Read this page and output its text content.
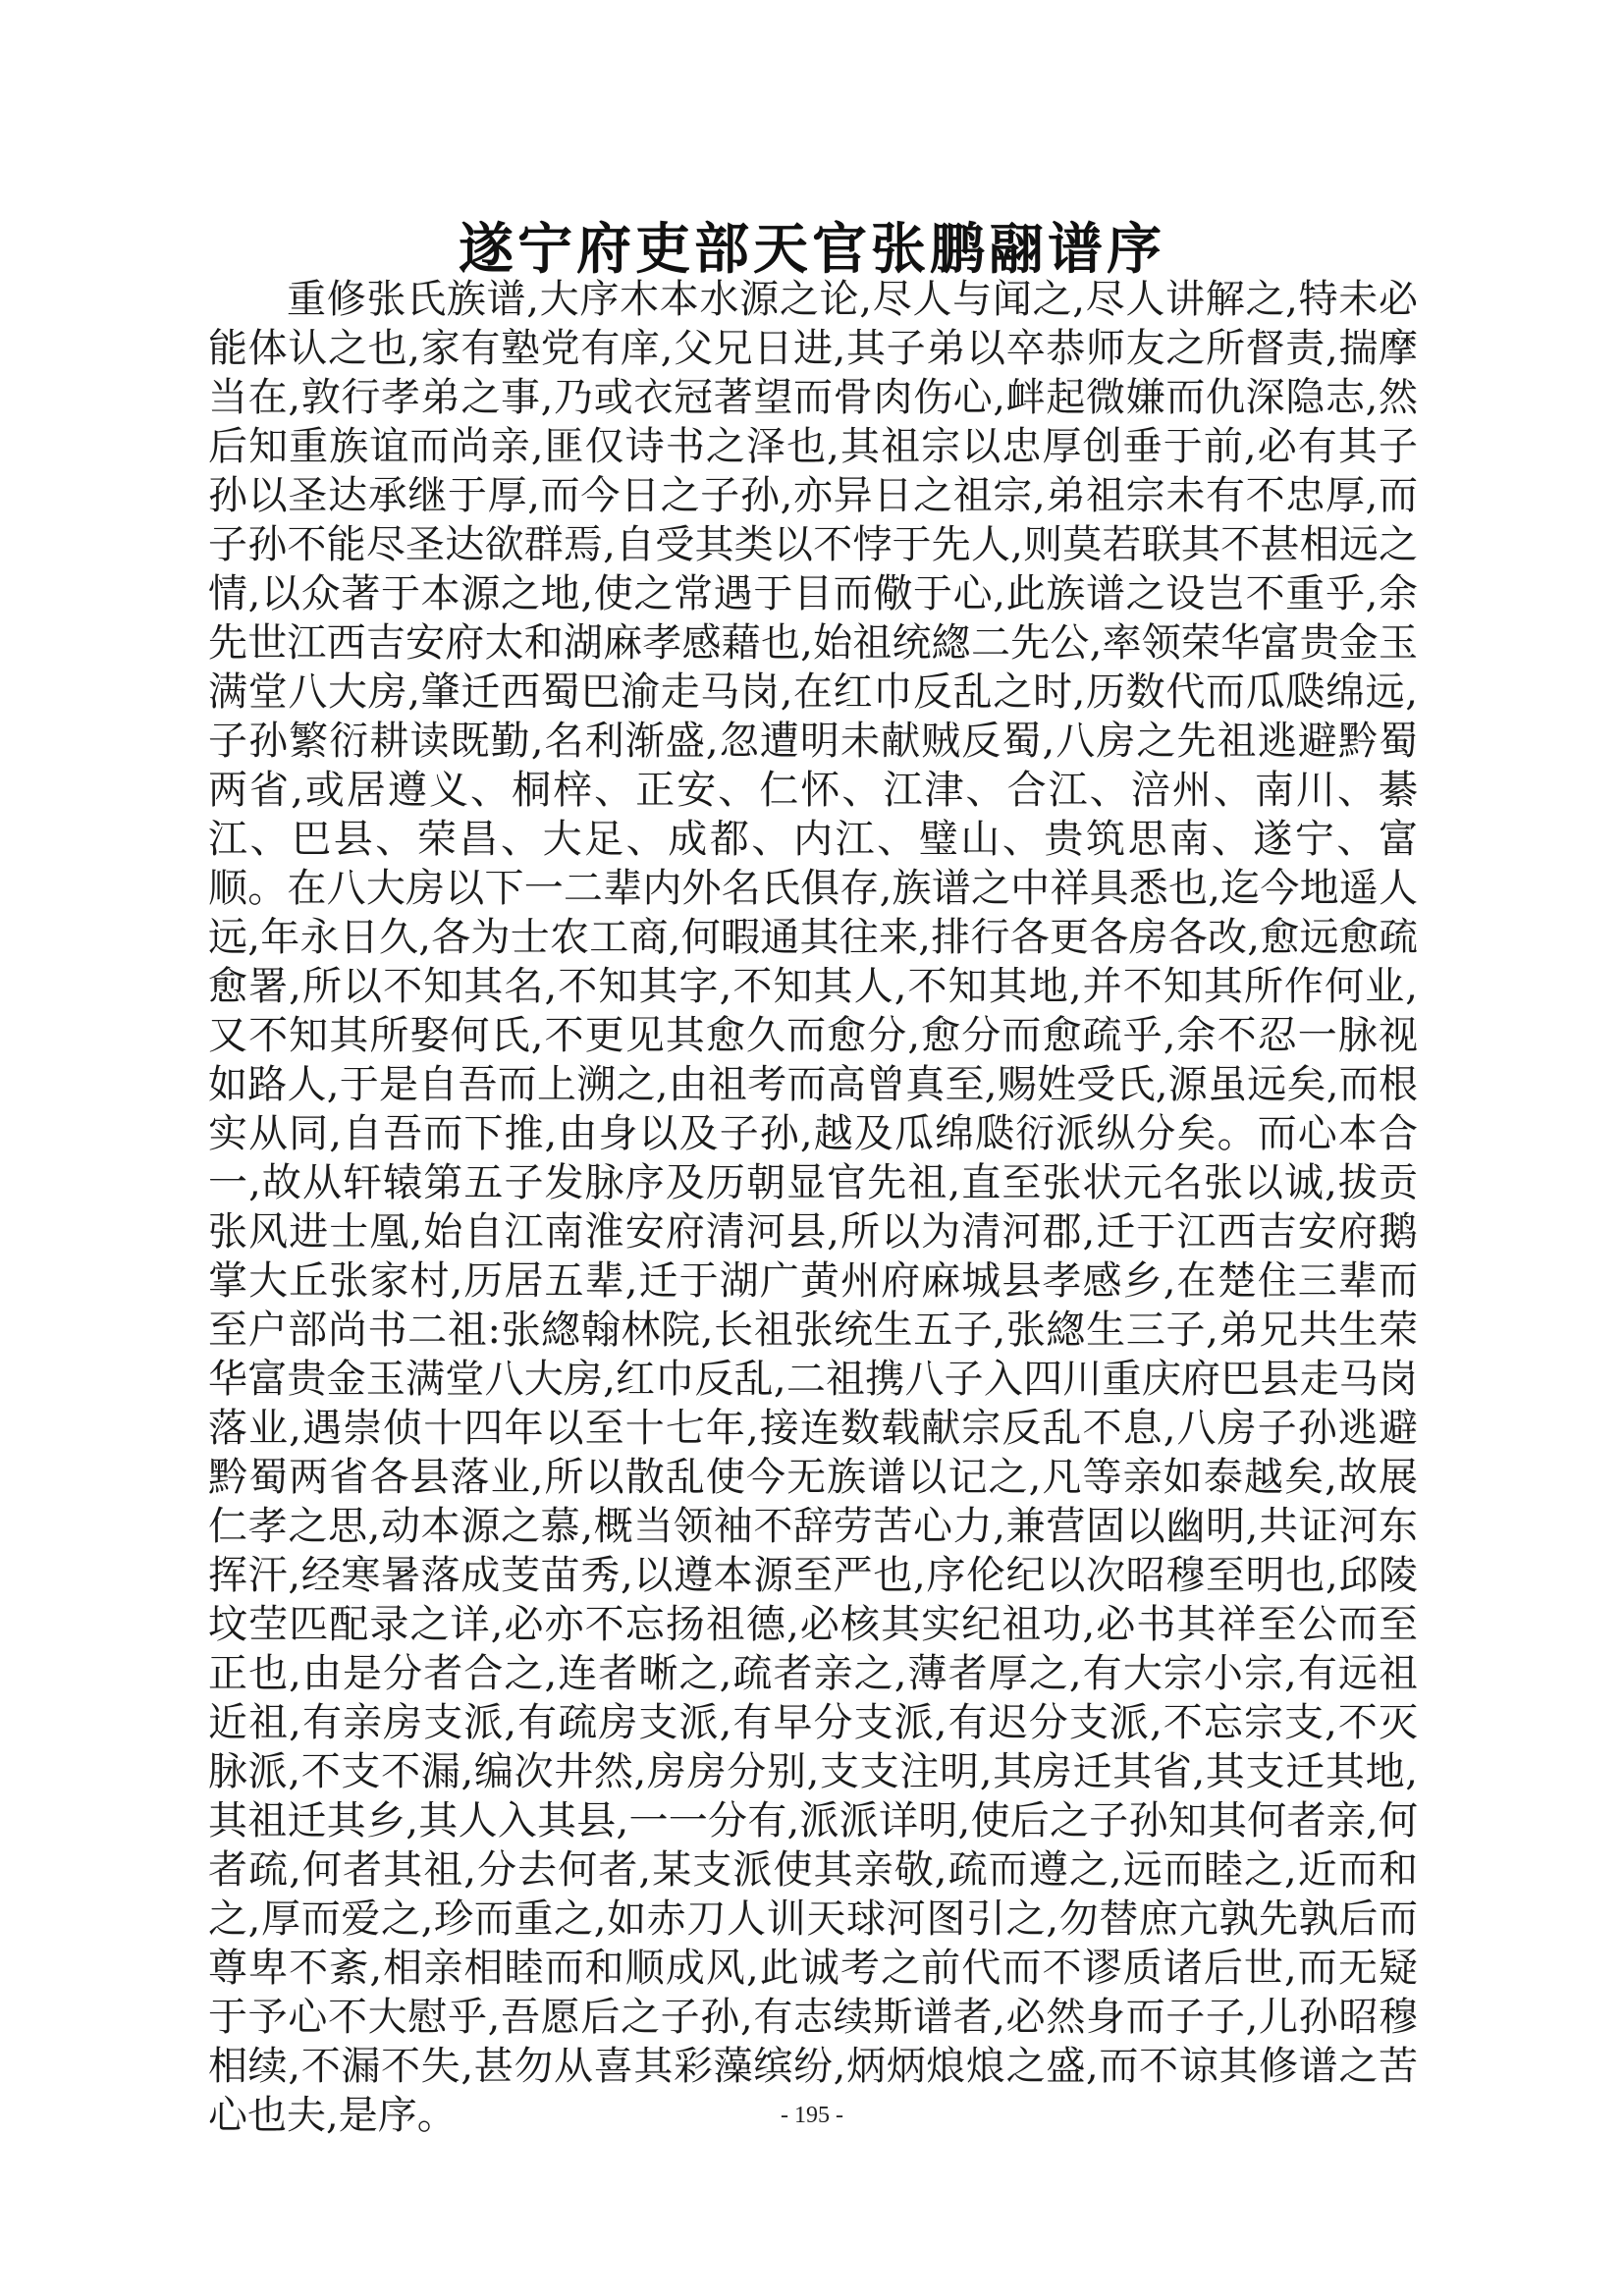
遂宁府吏部天官张鹏翮谱序

重修张氏族谱,大序木本水源之论,尽人与闻之,尽人讲解之,特未必能体认之也,家有塾党有庠,父兄日进,其子弟以卒恭师友之所督责,揣摩当在,敦行孝弟之事,乃或衣冠著望而骨肉伤心,衅起微嫌而仇深隐志,然后知重族谊而尚亲,匪仅诗书之泽也,其祖宗以忠厚创垂于前,必有其子孙以圣达承继于厚,而今日之子孙,亦异日之祖宗,弟祖宗未有不忠厚,而子孙不能尽圣达欲群焉,自受其类以不悖于先人,则莫若联其不甚相远之情,以众著于本源之地,使之常遇于目而儆于心,此族谱之设岂不重乎,余先世江西吉安府太和湖麻孝感藉也,始祖统緫二先公,率领荣华富贵金玉满堂八大房,肇迁西蜀巴渝走马岗,在红巾反乱之时,历数代而瓜瓞绵远,子孙繁衍耕读既勤,名利渐盛,忽遭明未献贼反蜀,八房之先祖逃避黔蜀两省,或居遵义、桐梓、正安、仁怀、江津、合江、涪州、南川、綦江、巴县、荣昌、大足、成都、内江、璧山、贵筑思南、遂宁、富顺。在八大房以下一二辈内外名氏俱存,族谱之中祥具悉也,迄今地遥人远,年永日久,各为士农工商,何暇通其往来,排行各更各房各改,愈远愈疏愈署,所以不知其名,不知其字,不知其人,不知其地,并不知其所作何业,又不知其所娶何氏,不更见其愈久而愈分,愈分而愈疏乎,余不忍一脉视如路人,于是自吾而上溯之,由祖考而高曾真至,赐姓受氏,源虽远矣,而根实从同,自吾而下推,由身以及子孙,越及瓜绵瓞衍派纵分矣。而心本合一,故从轩辕第五子发脉序及历朝显官先祖,直至张状元名张以诚,拔贡张风进士凰,始自江南淮安府清河县,所以为清河郡,迁于江西吉安府鹅掌大丘张家村,历居五辈,迁于湖广黄州府麻城县孝感乡,在楚住三辈而至户部尚书二祖:张緫翰林院,长祖张统生五子,张緫生三子,弟兄共生荣华富贵金玉满堂八大房,红巾反乱,二祖携八子入四川重庆府巴县走马岗落业,遇崇侦十四年以至十七年,接连数载献宗反乱不息,八房子孙逃避黔蜀两省各县落业,所以散乱使今无族谱以记之,凡等亲如泰越矣,故展仁孝之思,动本源之慕,概当领袖不辞劳苦心力,兼营固以幽明,共证河东挥汗,经寒暑落成芰苗秀,以遵本源至严也,序伦纪以次昭穆至明也,邱陵坟茔匹配录之详,必亦不忘扬祖德,必核其实纪祖功,必书其祥至公而至正也,由是分者合之,连者晰之,疏者亲之,薄者厚之,有大宗小宗,有远祖近祖,有亲房支派,有疏房支派,有早分支派,有迟分支派,不忘宗支,不灭脉派,不支不漏,编次井然,房房分别,支支注明,其房迁其省,其支迁其地,其祖迁其乡,其人入其县,一一分有,派派详明,使后之子孙知其何者亲,何者疏,何者其祖,分去何者,某支派使其亲敬,疏而遵之,远而睦之,近而和之,厚而爱之,珍而重之,如赤刀人训天球河图引之,勿替庶亢孰先孰后而尊卑不紊,相亲相睦而和顺成风,此诚考之前代而不谬质诸后世,而无疑于予心不大慰乎,吾愿后之子孙,有志续斯谱者,必然身而子子,儿孙昭穆相续,不漏不失,甚勿从喜其彩藻缤纷,炳炳烺烺之盛,而不谅其修谱之苦心也夫,是序。	- 195 -
